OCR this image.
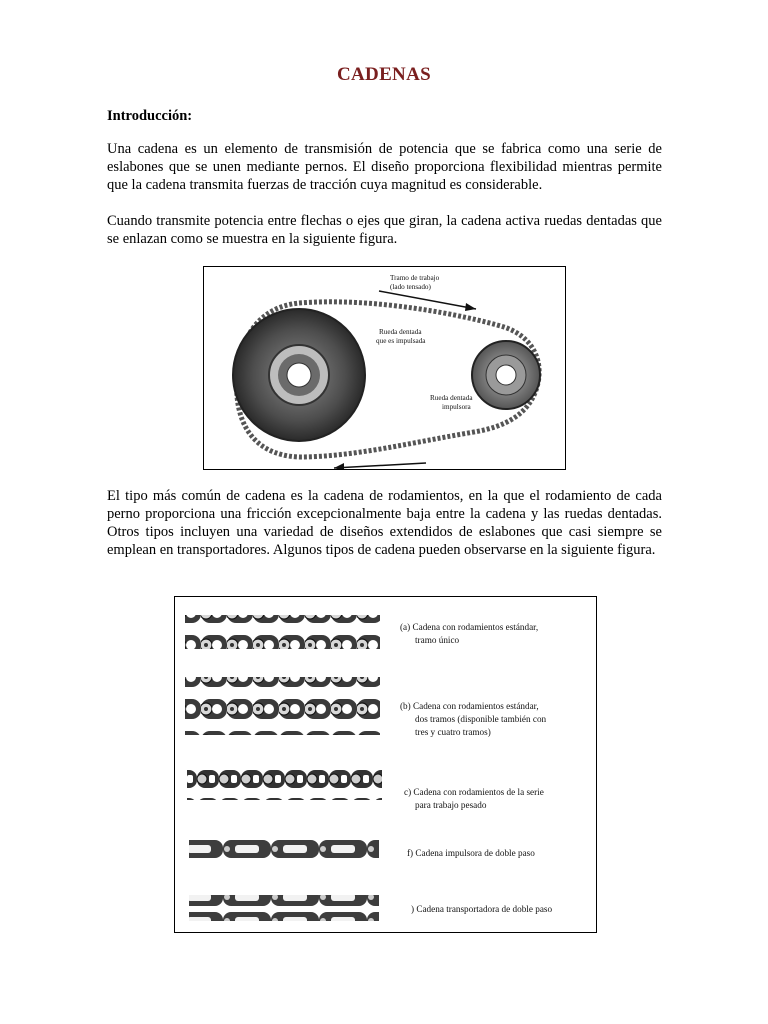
CADENAS
Introducción:

Una cadena es un elemento de transmisión de potencia que se fabrica como una serie de eslabones que se unen mediante pernos. El diseño proporciona flexibilidad mientras permite que la cadena transmita fuerzas de tracción cuya magnitud es considerable.

Cuando transmite potencia entre flechas o ejes que giran, la cadena activa ruedas dentadas que se enlazan como se muestra en la siguiente figura.

Tramo de trabajo
(lado tensado)
Rueda dentada
que es impulsada
Rueda dentada
impulsora

El tipo más común de cadena es la cadena de rodamientos, en la que el rodamiento de cada perno proporciona una fricción excepcionalmente baja entre la cadena y las ruedas dentadas. Otros tipos incluyen una variedad de diseños extendidos de eslabones que casi siempre se emplean en transportadores. Algunos tipos de cadena pueden observarse en la siguiente figura.

(a) Cadena con rodamientos estándar,
tramo único
(b) Cadena con rodamientos estándar,
dos tramos (disponible también con
tres y cuatro tramos)
c) Cadena con rodamientos de la serie
para trabajo pesado
f) Cadena impulsora de doble paso
) Cadena transportadora de doble paso
